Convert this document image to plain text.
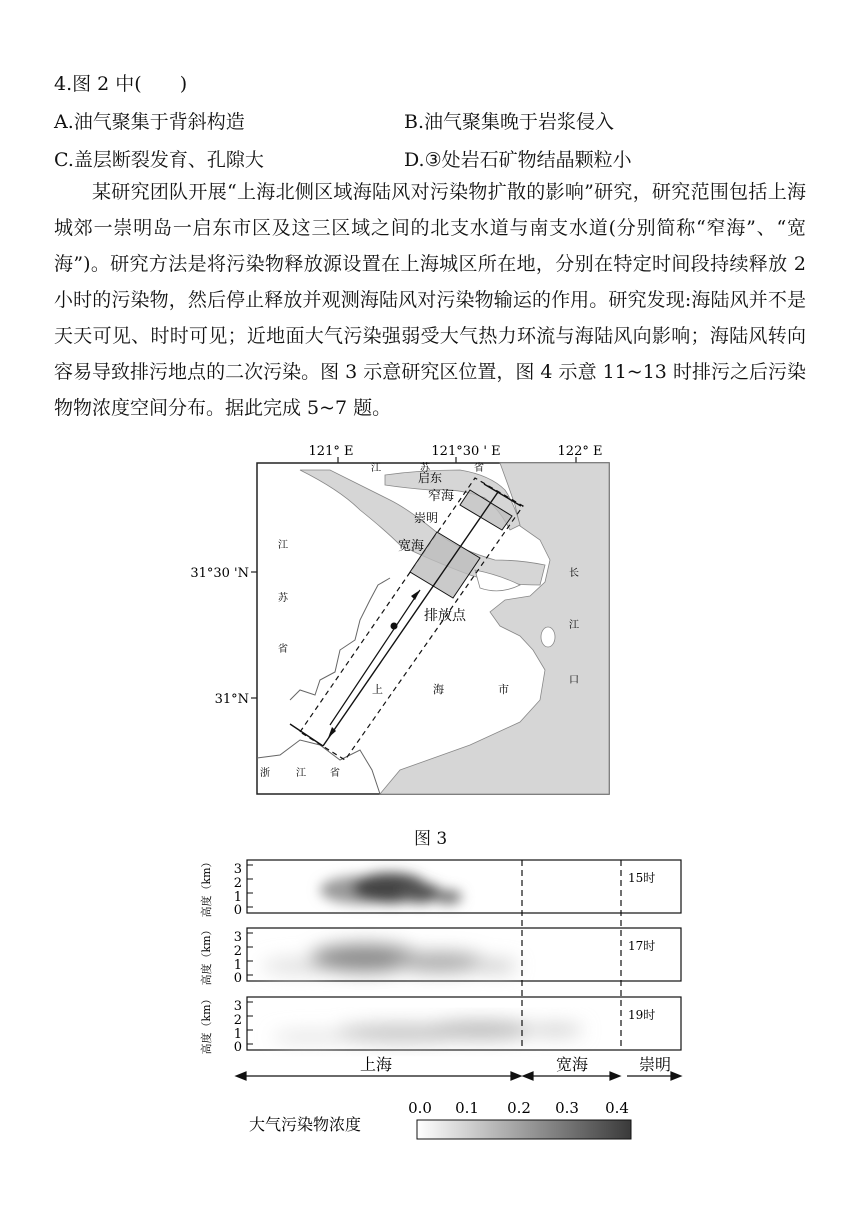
4.图 2 中(　　)
A.油气聚集于背斜构造	B.油气聚集晚于岩浆侵入
C.盖层断裂发育、孔隙大	D.③处岩石矿物结晶颗粒小
某研究团队开展“上海北侧区域海陆风对污染物扩散的影响”研究，研究范围包括上海城郊一崇明岛一启东市区及这三区域之间的北支水道与南支水道(分别简称“窄海”、“宽海”)。研究方法是将污染物释放源设置在上海城区所在地，分别在特定时间段持续释放 2 小时的污染物，然后停止释放并观测海陆风对污染物输运的作用。研究发现:海陆风并不是天天可见、时时可见；近地面大气污染强弱受大气热力环流与海陆风向影响；海陆风转向容易导致排污地点的二次污染。图 3 示意研究区位置，图 4 示意 11~13 时排污之后污染物物浓度空间分布。据此完成 5~7 题。
121° E	121°30 ' E	122° E
31°30 'N
31°N
排放点
启东
窄海
崇明
宽海
江	苏	省
江
苏
省
浙	江 省
上	海	市
长
江
口
图 3
15时
17时
19时
0
1
2
3
0
1
2
3
0
1
2
3
高度（km）
高度（km）
高度（km）
上海	宽海	崇明
大气污染物浓度
0.0 0.1 0.2 0.3 0.4
